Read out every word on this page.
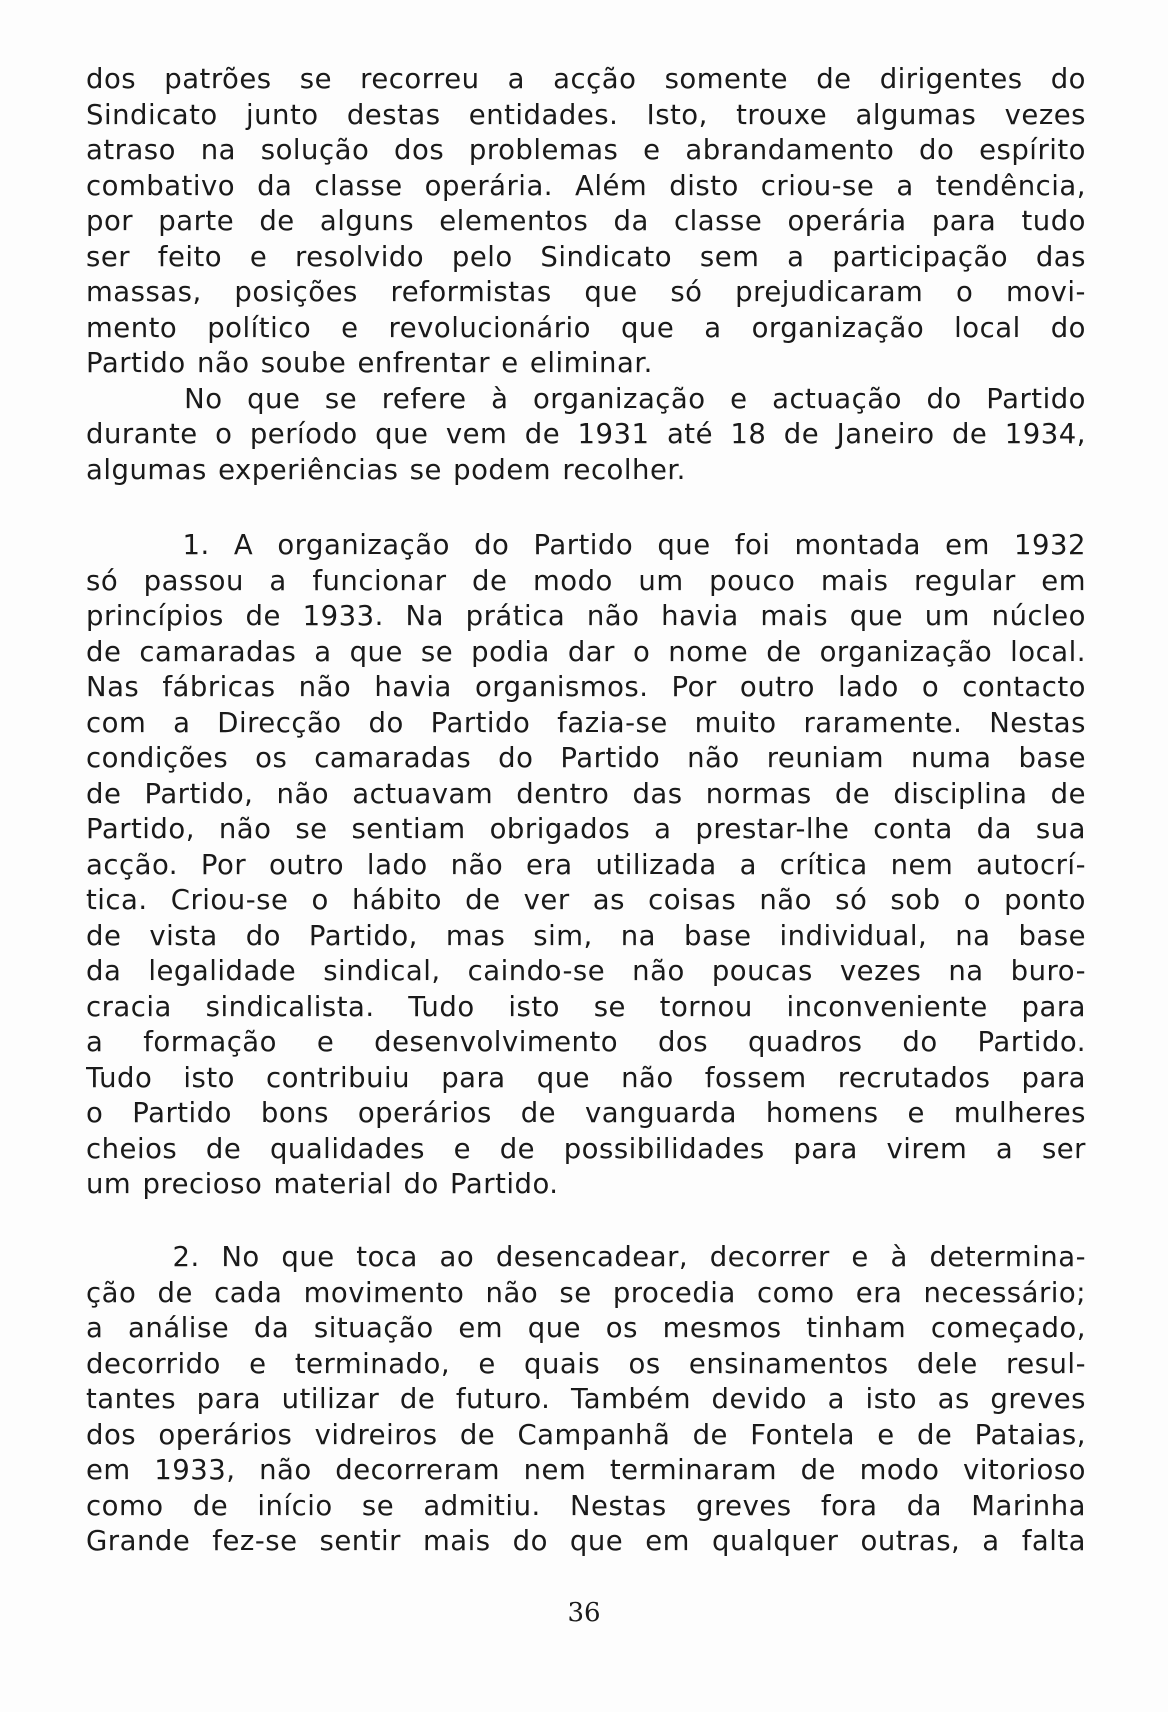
dos patrões se recorreu a acção somente de dirigentes do
Sindicato junto destas entidades. Isto, trouxe algumas vezes
atraso na solução dos problemas e abrandamento do espírito
combativo da classe operária. Além disto criou-se a tendência,
por parte de alguns elementos da classe operária para tudo
ser feito e resolvido pelo Sindicato sem a participação das
massas, posições reformistas que só prejudicaram o movi-
mento político e revolucionário que a organização local do
Partido não soube enfrentar e eliminar.
No que se refere à organização e actuação do Partido
durante o período que vem de 1931 até 18 de Janeiro de 1934,
algumas experiências se podem recolher.
1. A organização do Partido que foi montada em 1932
só passou a funcionar de modo um pouco mais regular em
princípios de 1933. Na prática não havia mais que um núcleo
de camaradas a que se podia dar o nome de organização local.
Nas fábricas não havia organismos. Por outro lado o contacto
com a Direcção do Partido fazia-se muito raramente. Nestas
condições os camaradas do Partido não reuniam numa base
de Partido, não actuavam dentro das normas de disciplina de
Partido, não se sentiam obrigados a prestar-lhe conta da sua
acção. Por outro lado não era utilizada a crítica nem autocrí-
tica. Criou-se o hábito de ver as coisas não só sob o ponto
de vista do Partido, mas sim, na base individual, na base
da legalidade sindical, caindo-se não poucas vezes na buro-
cracia sindicalista. Tudo isto se tornou inconveniente para
a formação e desenvolvimento dos quadros do Partido.
Tudo isto contribuiu para que não fossem recrutados para
o Partido bons operários de vanguarda homens e mulheres
cheios de qualidades e de possibilidades para virem a ser
um precioso material do Partido.
2. No que toca ao desencadear, decorrer e à determina-
ção de cada movimento não se procedia como era necessário;
a análise da situação em que os mesmos tinham começado,
decorrido e terminado, e quais os ensinamentos dele resul-
tantes para utilizar de futuro. Também devido a isto as greves
dos operários vidreiros de Campanhã de Fontela e de Pataias,
em 1933, não decorreram nem terminaram de modo vitorioso
como de início se admitiu. Nestas greves fora da Marinha
Grande fez-se sentir mais do que em qualquer outras, a falta
36
